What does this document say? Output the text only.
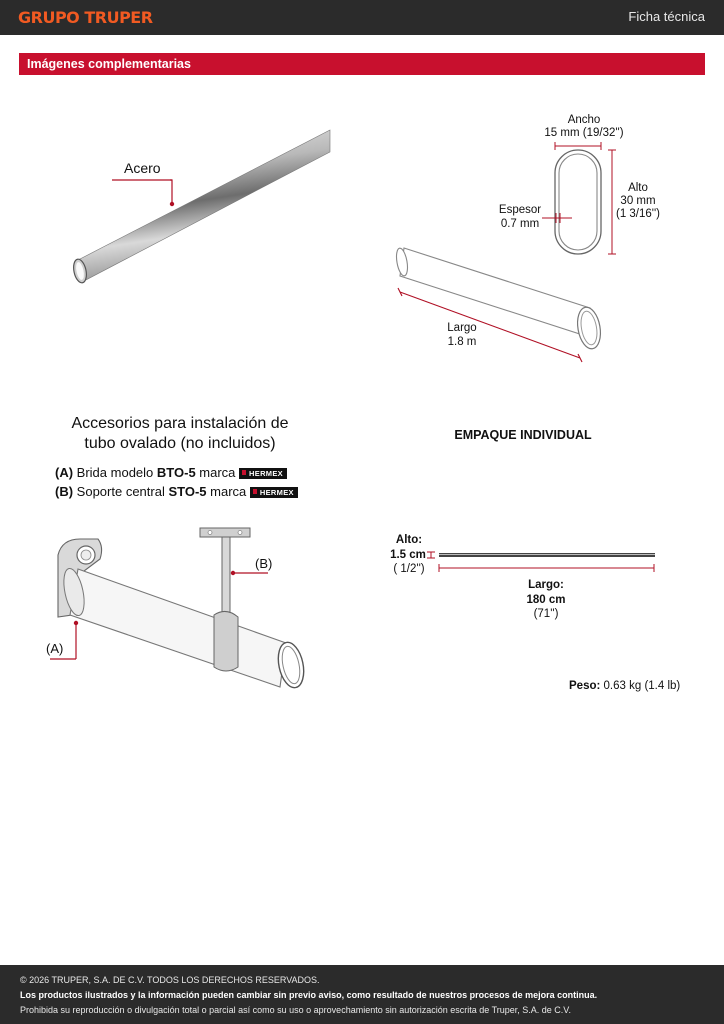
GRUPO TRUPER	Ficha técnica
Imágenes complementarias
Acero
Ancho
15 mm (19/32'')
Alto
30 mm
(1 3/16'')
Espesor
0.7 mm
Largo
1.8 m
Accesorios para instalación de
tubo ovalado (no incluidos)
(A) Brida modelo BTO-5 marca HERMEX
(B) Soporte central STO-5 marca HERMEX
(A)
(B)
EMPAQUE INDIVIDUAL
Alto:
1.5 cm
( 1/2'')
Largo:
180 cm
(71'')
Peso: 0.63 kg (1.4 lb)
© 2026 TRUPER, S.A. DE C.V. TODOS LOS DERECHOS RESERVADOS.
Los productos ilustrados y la información pueden cambiar sin previo aviso, como resultado de nuestros procesos de mejora continua.
Prohibida su reproducción o divulgación total o parcial así como su uso o aprovechamiento sin autorización escrita de Truper, S.A. de C.V.
